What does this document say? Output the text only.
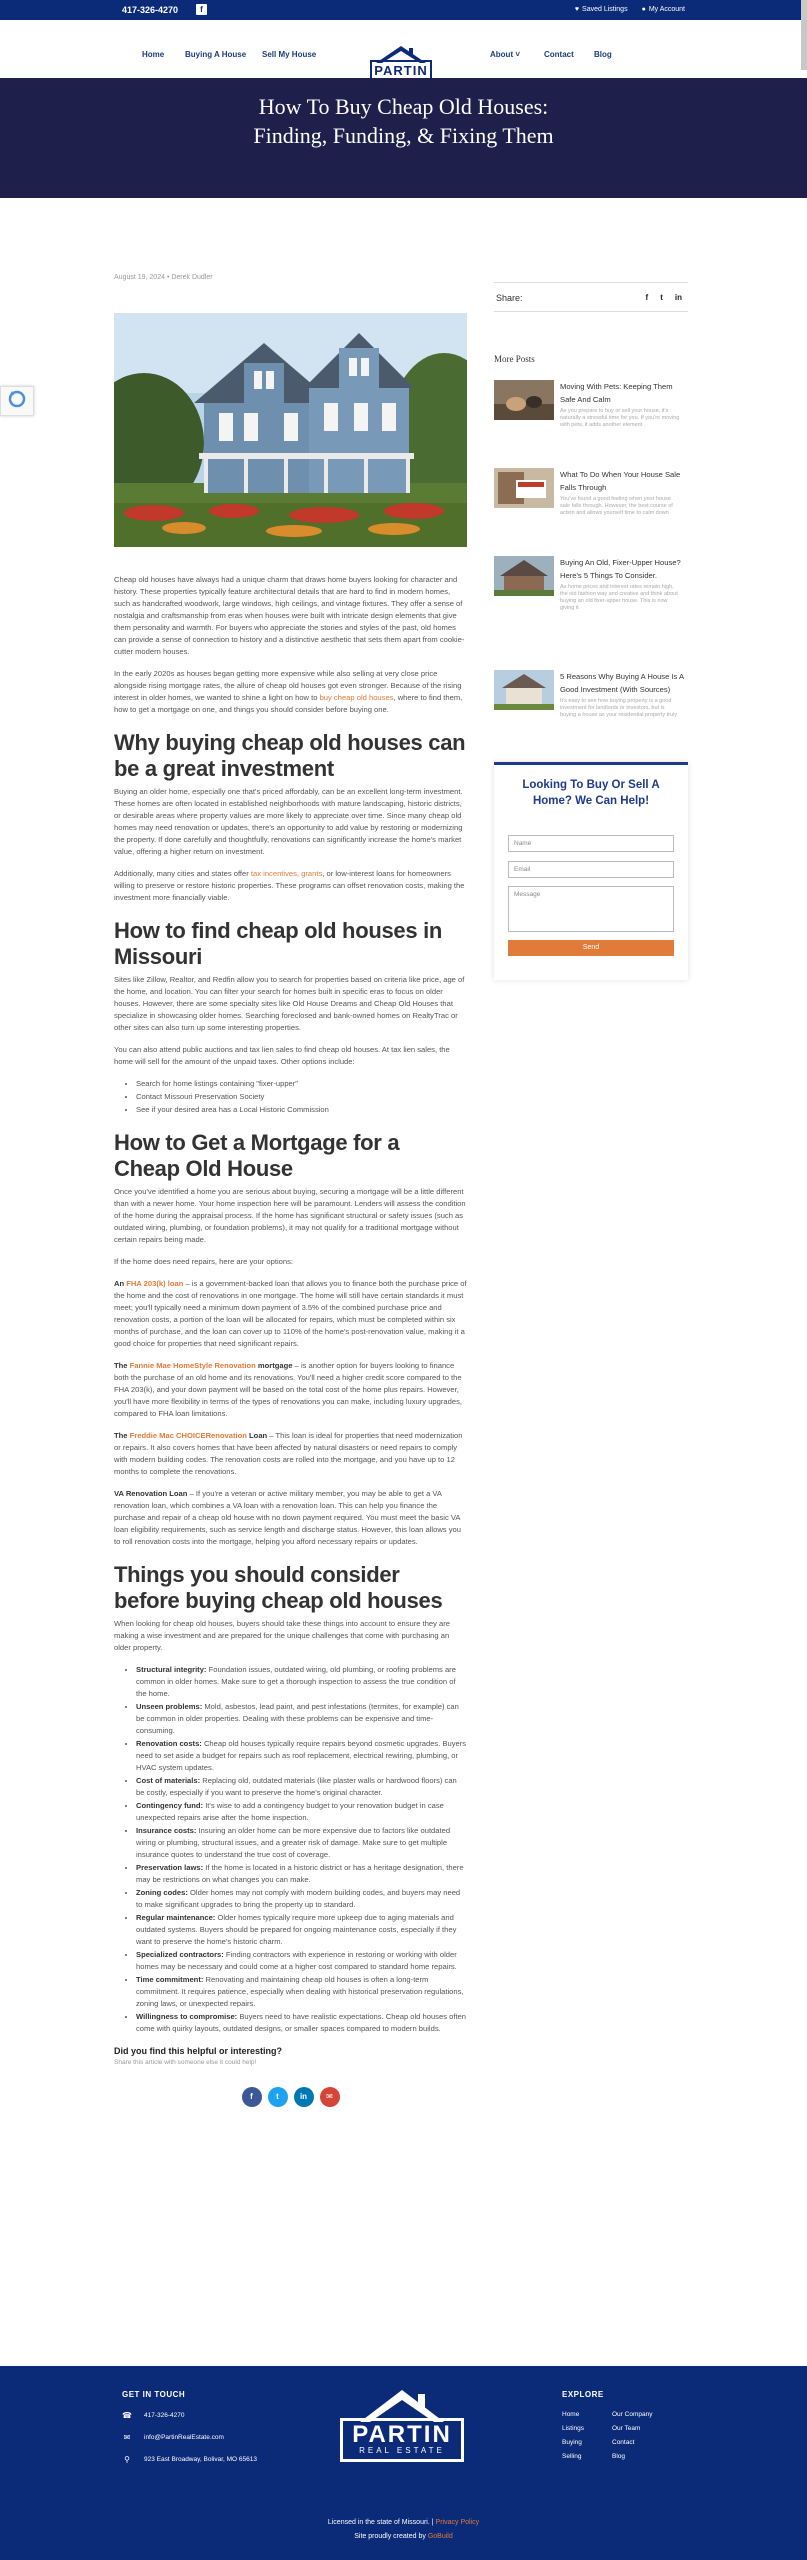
417-326-4270	f	♥ Saved Listings ● My Account
Home	Buying A House Sell My House
PARTIN
About ˅	Contact	Blog
How To Buy Cheap Old Houses: Finding, Funding, & Fixing Them
August 19, 2024 • Derek Dudler

Cheap old houses have always had a unique charm that draws home buyers looking for character and history. These properties typically feature architectural details that are hard to find in modern homes, such as handcrafted woodwork, large windows, high ceilings, and vintage fixtures. They offer a sense of nostalgia and craftsmanship from eras when houses were built with intricate design elements that give them personality and warmth. For buyers who appreciate the stories and styles of the past, old homes can provide a sense of connection to history and a distinctive aesthetic that sets them apart from cookie-cutter modern houses.

In the early 2020s as houses began getting more expensive while also selling at very close price alongside rising mortgage rates, the allure of cheap old houses got even stronger. Because of the rising interest in older homes, we wanted to shine a light on how to buy cheap old houses, where to find them, how to get a mortgage on one, and things you should consider before buying one.

Why buying cheap old houses can be a great investment

Buying an older home, especially one that's priced affordably, can be an excellent long-term investment. These homes are often located in established neighborhoods with mature landscaping, historic districts, or desirable areas where property values are more likely to appreciate over time. Since many cheap old homes may need renovation or updates, there's an opportunity to add value by restoring or modernizing the property. If done carefully and thoughtfully, renovations can significantly increase the home's market value, offering a higher return on investment.

Additionally, many cities and states offer tax incentives, grants, or low-interest loans for homeowners willing to preserve or restore historic properties. These programs can offset renovation costs, making the investment more financially viable.

How to find cheap old houses in Missouri

Sites like Zillow, Realtor, and Redfin allow you to search for properties based on criteria like price, age of the home, and location. You can filter your search for homes built in specific eras to focus on older houses. However, there are some specialty sites like Old House Dreams and Cheap Old Houses that specialize in showcasing older homes. Searching foreclosed and bank-owned homes on RealtyTrac or other sites can also turn up some interesting properties.

You can also attend public auctions and tax lien sales to find cheap old houses. At tax lien sales, the home will sell for the amount of the unpaid taxes. Other options include:

• Search for home listings containing "fixer-upper"
• Contact Missouri Preservation Society
• See if your desired area has a Local Historic Commission
How to Get a Mortgage for a Cheap Old House

Once you've identified a home you are serious about buying, securing a mortgage will be a little different than with a newer home. Your home inspection here will be paramount. Lenders will assess the condition of the home during the appraisal process. If the home has significant structural or safety issues (such as outdated wiring, plumbing, or foundation problems), it may not qualify for a traditional mortgage without certain repairs being made.

If the home does need repairs, here are your options:

An FHA 203(k) loan – is a government-backed loan that allows you to finance both the purchase price of the home and the cost of renovations in one mortgage. The home will still have certain standards it must meet; you'll typically need a minimum down payment of 3.5% of the combined purchase price and renovation costs, a portion of the loan will be allocated for repairs, which must be completed within six months of purchase, and the loan can cover up to 110% of the home's post-renovation value, making it a good choice for properties that need significant repairs.

The Fannie Mae HomeStyle Renovation mortgage – is another option for buyers looking to finance both the purchase of an old home and its renovations. You'll need a higher credit score compared to the FHA 203(k), and your down payment will be based on the total cost of the home plus repairs. However, you'll have more flexibility in terms of the types of renovations you can make, including luxury upgrades, compared to FHA loan limitations.

The Freddie Mac CHOICERenovation Loan – This loan is ideal for properties that need modernization or repairs. It also covers homes that have been affected by natural disasters or need repairs to comply with modern building codes. The renovation costs are rolled into the mortgage, and you have up to 12 months to complete the renovations.

VA Renovation Loan – If you're a veteran or active military member, you may be able to get a VA renovation loan, which combines a VA loan with a renovation loan. This can help you finance the purchase and repair of a cheap old house with no down payment required. You must meet the basic VA loan eligibility requirements, such as service length and discharge status. However, this loan allows you to roll renovation costs into the mortgage, helping you afford necessary repairs or updates.

Things you should consider before buying cheap old houses

When looking for cheap old houses, buyers should take these things into account to ensure they are making a wise investment and are prepared for the unique challenges that come with purchasing an older property.

• Structural integrity: Foundation issues, outdated wiring, old plumbing, or roofing problems are common in older homes. Make sure to get a thorough inspection to assess the true condition of the home.
• Unseen problems: Mold, asbestos, lead paint, and pest infestations (termites, for example) can be common in older properties. Dealing with these problems can be expensive and time-consuming.
• Renovation costs: Cheap old houses typically require repairs beyond cosmetic upgrades. Buyers need to set aside a budget for repairs such as roof replacement, electrical rewiring, plumbing, or HVAC system updates.
• Cost of materials: Replacing old, outdated materials (like plaster walls or hardwood floors) can be costly, especially if you want to preserve the home's original character.
• Contingency fund: It's wise to add a contingency budget to your renovation budget in case unexpected repairs arise after the home inspection.
• Insurance costs: Insuring an older home can be more expensive due to factors like outdated wiring or plumbing, structural issues, and a greater risk of damage. Make sure to get multiple insurance quotes to understand the true cost of coverage.
• Preservation laws: If the home is located in a historic district or has a heritage designation, there may be restrictions on what changes you can make.
• Zoning codes: Older homes may not comply with modern building codes, and buyers may need to make significant upgrades to bring the property up to standard.
• Regular maintenance: Older homes typically require more upkeep due to aging materials and outdated systems. Buyers should be prepared for ongoing maintenance costs, especially if they want to preserve the home's historic charm.
• Specialized contractors: Finding contractors with experience in restoring or working with older homes may be necessary and could come at a higher cost compared to standard home repairs.
• Time commitment: Renovating and maintaining cheap old houses is often a long-term commitment. It requires patience, especially when dealing with historical preservation regulations, zoning laws, or unexpected repairs.
• Willingness to compromise: Buyers need to have realistic expectations. Cheap old houses often come with quirky layouts, outdated designs, or smaller spaces compared to modern builds.
Did you find this helpful or interesting?
Share this article with someone else it could help!
f	t	in	✉
Share:	f t in
More Posts
Moving With Pets: Keeping Them Safe And Calm
As you prepare to buy or sell your house, it's naturally a stressful time for you. If you're moving with pets, it adds another element
What To Do When Your House Sale Falls Through
You've found a good feeling when your house sale falls through. However, the best course of action and allows yourself time to calm down
Buying An Old, Fixer-Upper House? Here's 5 Things To Consider.
As home prices and interest rates remain high, the old fashion way and creative and think about buying an old fixer-upper house. This is now giving it
5 Reasons Why Buying A House Is A Good Investment (With Sources)
It's easy to see how buying property is a good investment for landlords or investors, but is buying a house as your residential property truly
Looking To Buy Or Sell A Home? We Can Help!
Name
Email
Message
Send
GET IN TOUCH
☎ 417-326-4270
✉ info@PartinRealEstate.com
⚲	923 East Broadway, Bolivar, MO 65613
PARTIN
REAL ESTATE
EXPLORE
Home	Our Company
Listings	Our Team
Buying	Contact
Selling	Blog
Licensed in the state of Missouri. | Privacy Policy
Site proudly created by GoBuild
